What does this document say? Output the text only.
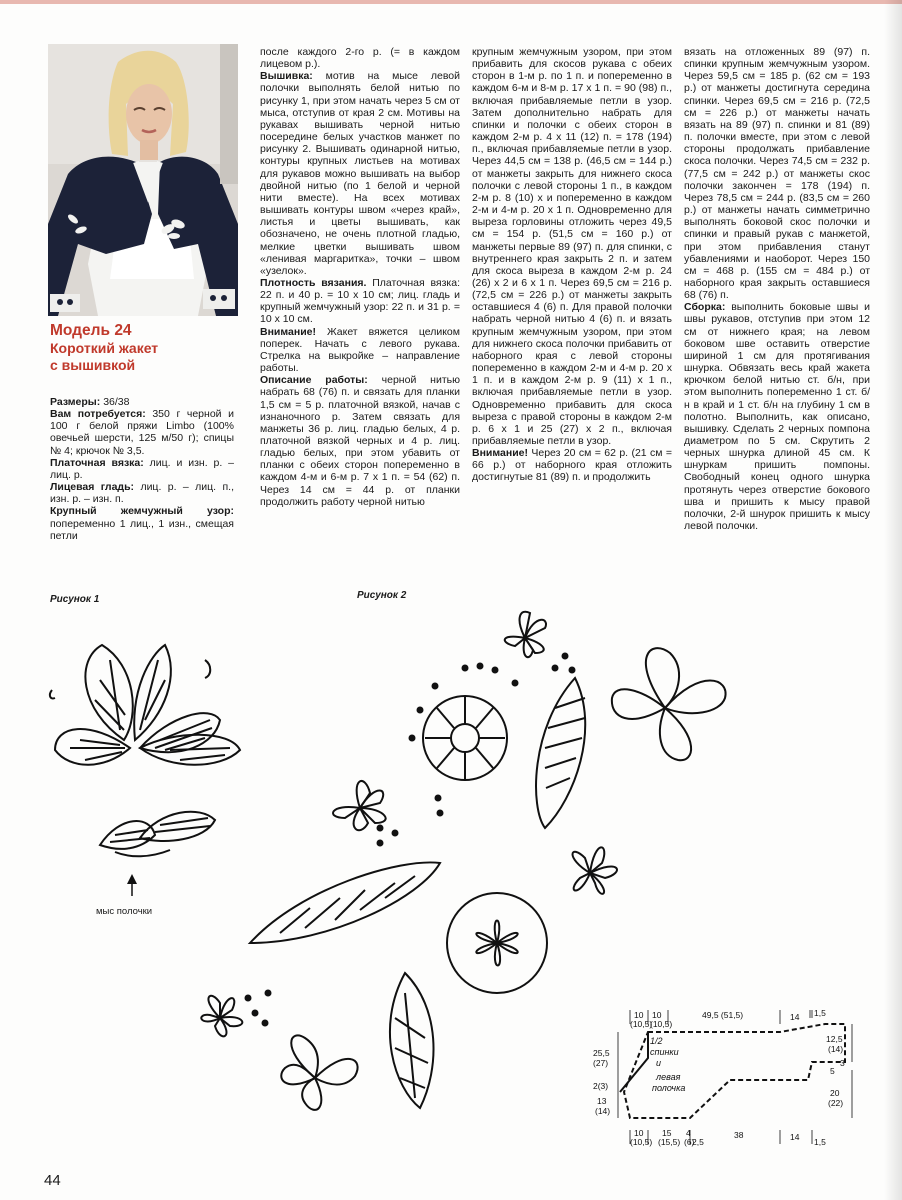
Модель 24
Короткий жакет
с вышивкой

Размеры: 36/38

Вам потребуется: 350 г черной и 100 г белой пряжи Limbo (100% овечьей шерсти, 125 м/50 г); спицы № 4; крючок № 3,5.

Платочная вязка: лиц. и изн. р. – лиц. р.

Лицевая гладь: лиц. р. – лиц. п., изн. р. – изн. п.

Крупный жемчужный узор: попеременно 1 лиц., 1 изн., смещая петли

после каждого 2-го р. (= в каждом лицевом р.).

Вышивка: мотив на мысе левой полочки выполнять белой нитью по рисунку 1, при этом начать через 5 см от мыса, отступив от края 2 см. Мотивы на рукавах вышивать черной нитью посередине белых участков манжет по рисунку 2. Вышивать одинарной нитью, контуры крупных листьев на мотивах для рукавов можно вышивать на выбор двойной нитью (по 1 белой и черной нити вместе). На всех мотивах вышивать контуры швом «через край», листья и цветы вышивать, как обозначено, не очень плотной гладью, мелкие цветки вышивать швом «ленивая маргаритка», точки – швом «узелок».

Плотность вязания. Платочная вязка: 22 п. и 40 р. = 10 х 10 см; лиц. гладь и крупный жемчужный узор: 22 п. и 31 р. = 10 х 10 см.

Внимание! Жакет вяжется целиком поперек. Начать с левого рукава. Стрелка на выкройке – направление работы.

Описание работы: черной нитью набрать 68 (76) п. и связать для планки 1,5 см = 5 р. платочной вязкой, начав с изнаночного р. Затем связать для манжеты 36 р. лиц. гладью белых, 4 р. платочной вязкой черных и 4 р. лиц. гладью белых, при этом убавить от планки с обеих сторон попеременно в каждом 4-м и 6-м р. 7 х 1 п. = 54 (62) п. Через 14 см = 44 р. от планки продолжить работу черной нитью

крупным жемчужным узором, при этом прибавить для скосов рукава с обеих сторон в 1-м р. по 1 п. и попеременно в каждом 6-м и 8-м р. 17 х 1 п. = 90 (98) п., включая прибавляемые петли в узор. Затем дополнительно набрать для спинки и полочки с обеих сторон в каждом 2-м р. 4 х 11 (12) п. = 178 (194) п., включая прибавляемые петли в узор. Через 44,5 см = 138 р. (46,5 см = 144 р.) от манжеты закрыть для нижнего скоса полочки с левой стороны 1 п., в каждом 2-м р. 8 (10) х и попеременно в каждом 2-м и 4-м р. 20 х 1 п. Одновременно для выреза горловины отложить через 49,5 см = 154 р. (51,5 см = 160 р.) от манжеты первые 89 (97) п. для спинки, с внутреннего края закрыть 2 п. и затем для скоса выреза в каждом 2-м р. 24 (26) х 2 и 6 х 1 п. Через 69,5 см = 216 р. (72,5 см = 226 р.) от манжеты закрыть оставшиеся 4 (6) п. Для правой полочки набрать черной нитью 4 (6) п. и вязать крупным жемчужным узором, при этом для нижнего скоса полочки прибавить от наборного края с левой стороны попеременно в каждом 2-м и 4-м р. 20 х 1 п. и в каждом 2-м р. 9 (11) х 1 п., включая прибавляемые петли в узор. Одновременно прибавить для скоса выреза с правой стороны в каждом 2-м р. 6 х 1 и 25 (27) х 2 п., включая прибавляемые петли в узор.

Внимание! Через 20 см = 62 р. (21 см = 66 р.) от наборного края отложить достигнутые 81 (89) п. и продолжить

вязать на отложенных 89 (97) п. спинки крупным жемчужным узором. Через 59,5 см = 185 р. (62 см = 193 р.) от манжеты достигнута середина спинки. Через 69,5 см = 216 р. (72,5 см = 226 р.) от манжеты начать вязать на 89 (97) п. спинки и 81 (89) п. полочки вместе, при этом с левой стороны продолжать прибавление скоса полочки. Через 74,5 см = 232 р. (77,5 см = 242 р.) от манжеты скос полочки закончен = 178 (194) п. Через 78,5 см = 244 р. (83,5 см = 260 р.) от манжеты начать симметрично выполнять боковой скос полочки и спинки и правый рукав с манжетой, при этом прибавления станут убавлениями и наоборот. Через 150 см = 468 р. (155 см = 484 р.) от наборного края закрыть оставшиеся 68 (76) п.

Сборка: выполнить боковые швы и швы рукавов, отступив при этом 12 см от нижнего края; на левом боковом шве оставить отверстие шириной 1 см для протягивания шнурка. Обвязать весь край жакета крючком белой нитью ст. б/н, при этом выполнить попеременно 1 ст. б/н в край и 1 ст. б/н на глубину 1 см в полотно. Выполнить, как описано, вышивку. Сделать 2 черных помпона диаметром по 5 см. Скрутить 2 черных шнурка длиной 45 см. К шнуркам пришить помпоны. Свободный конец одного шнурка протянуть через отверстие бокового шва и пришить к мысу правой полочки, 2-й шнурок пришить к мысу левой полочки.

Рисунок 1	Рисунок 2
мыс полочки
10
(10,5)
10
(10,5)
49,5 (51,5)	14 1,5
25,5
(27)
2(3)
13
(14)
12,5
(14)
3
5
20
(22)
10
(10,5)
15
(15,5)
4
(6)
2,5
38	14 1,5
1/2
спинки
и
левая
полочка
44
